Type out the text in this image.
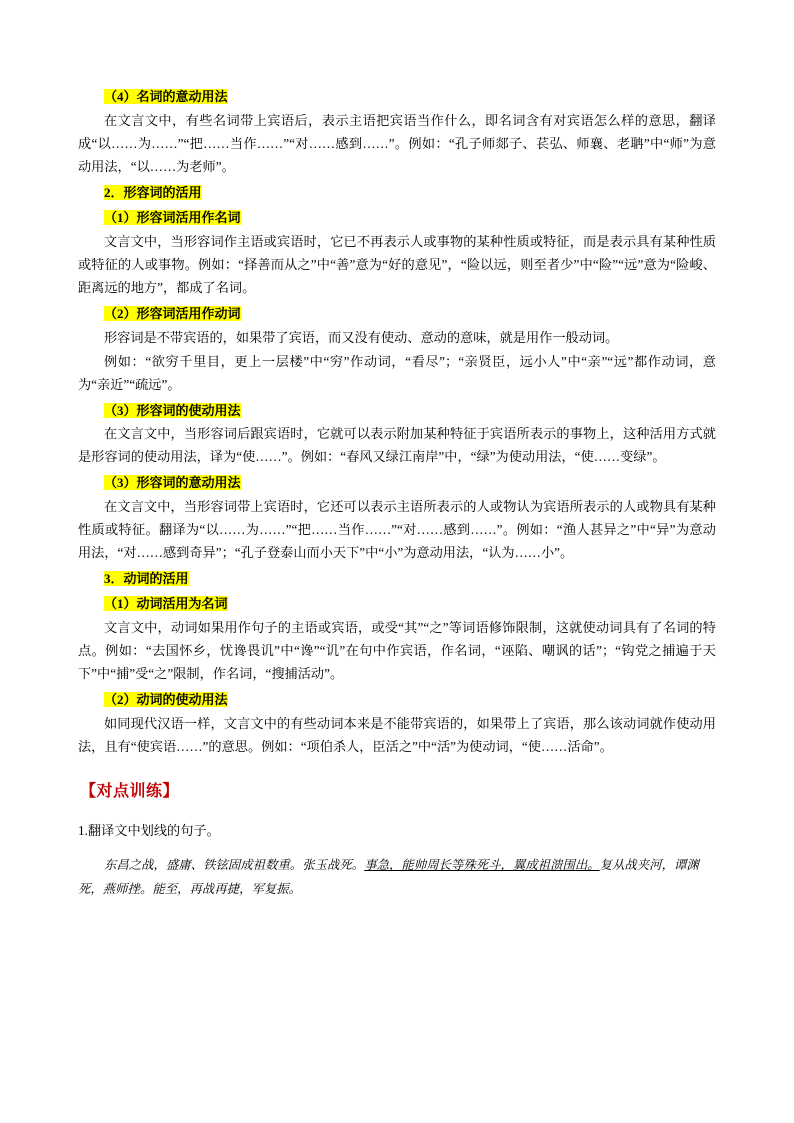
（4）名词的意动用法

在文言文中，有些名词带上宾语后，表示主语把宾语当作什么，即名词含有对宾语怎么样的意思，翻译成“以……为……”“把……当作……”“对……感到……”。例如：“孔子师郯子、苌弘、师襄、老聃”中“师”为意动用法，“以……为老师”。

2．形容词的活用
（1）形容词活用作名词

文言文中，当形容词作主语或宾语时，它已不再表示人或事物的某种性质或特征，而是表示具有某种性质或特征的人或事物。例如：“择善而从之”中“善”意为“好的意见”，“险以远，则至者少”中“险”“远”意为“险峻、距离远的地方”，都成了名词。

（2）形容词活用作动词

形容词是不带宾语的，如果带了宾语，而又没有使动、意动的意味，就是用作一般动词。

例如：“欲穷千里目，更上一层楼”中“穷”作动词，“看尽”；“亲贤臣，远小人”中“亲”“远”都作动词，意为“亲近”“疏远”。

（3）形容词的使动用法

在文言文中，当形容词后跟宾语时，它就可以表示附加某种特征于宾语所表示的事物上，这种活用方式就是形容词的使动用法，译为“使……”。例如：“春风又绿江南岸”中，“绿”为使动用法，“使……变绿”。

（3）形容词的意动用法

在文言文中，当形容词带上宾语时，它还可以表示主语所表示的人或物认为宾语所表示的人或物具有某种性质或特征。翻译为“以……为……”“把……当作……”“对……感到……”。例如：“渔人甚异之”中“异”为意动用法，“对……感到奇异”；“孔子登泰山而小天下”中“小”为意动用法，“认为……小”。

3．动词的活用
（1）动词活用为名词

文言文中，动词如果用作句子的主语或宾语，或受“其”“之”等词语修饰限制，这就使动词具有了名词的特点。例如：“去国怀乡，忧谗畏讥”中“谗”“讥”在句中作宾语，作名词，“诬陷、嘲讽的话”；“钩党之捕遍于天下”中“捕”受“之”限制，作名词，“搜捕活动”。

（2）动词的使动用法

如同现代汉语一样，文言文中的有些动词本来是不能带宾语的，如果带上了宾语，那么该动词就作使动用法，且有“使宾语……”的意思。例如：“项伯杀人，臣活之”中“活”为使动词，“使……活命”。

【对点训练】
1.翻译文中划线的句子。
东昌之战，盛庸、铁铉固成祖数重。张玉战死。事急，能帅周长等殊死斗，翼成祖溃围出。复从战夹河，谭渊死，燕师挫。能至，再战再捷，军复振。
